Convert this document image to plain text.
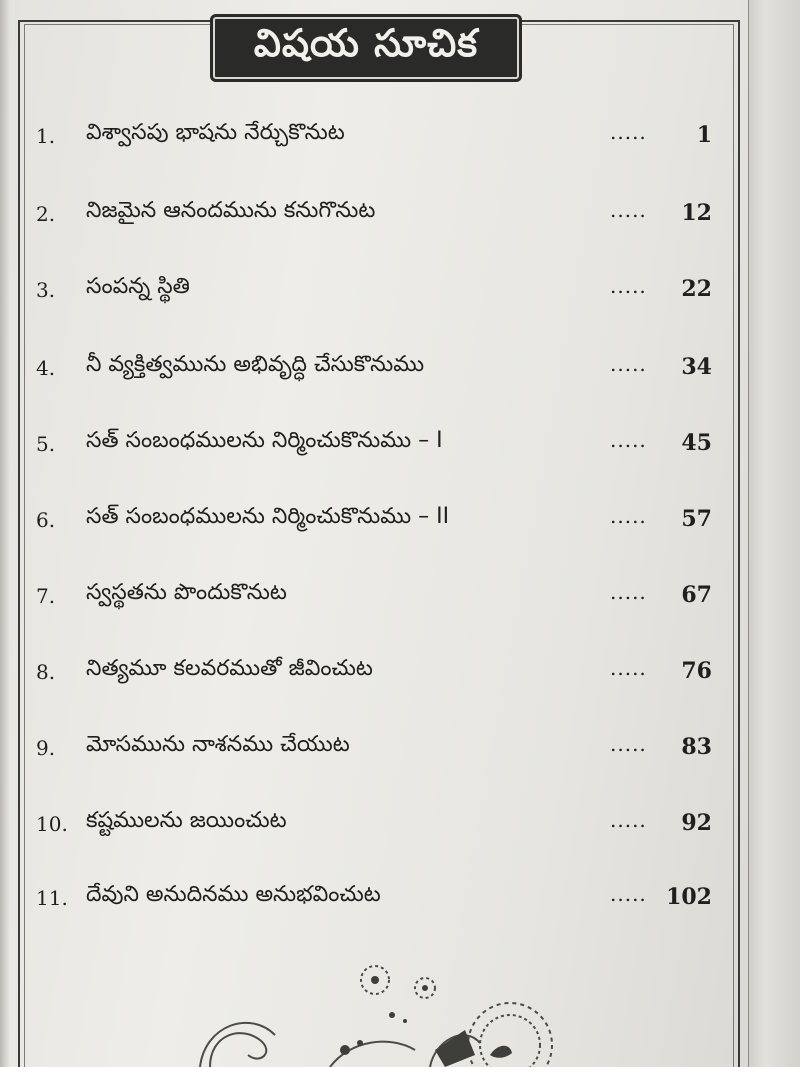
విషయ సూచిక
1. విశ్వాసపు భాషను నేర్చుకొనుట	..... 1
2. నిజమైన ఆనందమును కనుగొనుట	..... 12
3. సంపన్న స్థితి	..... 22
4. నీ వ్యక్తిత్వమును అభివృద్ధి చేసుకొనుము	..... 34
5. సత్ సంబంధములను నిర్మించుకొనుము – I	..... 45
6. సత్ సంబంధములను నిర్మించుకొనుము – II	..... 57
7. స్వస్థతను పొందుకొనుట	..... 67
8. నిత్యమూ కలవరముతో జీవించుట	..... 76
9. మోసమును నాశనము చేయుట	..... 83
10. కష్టములను జయించుట	..... 92
11. దేవుని అనుదినము అనుభవించుట	..... 102
